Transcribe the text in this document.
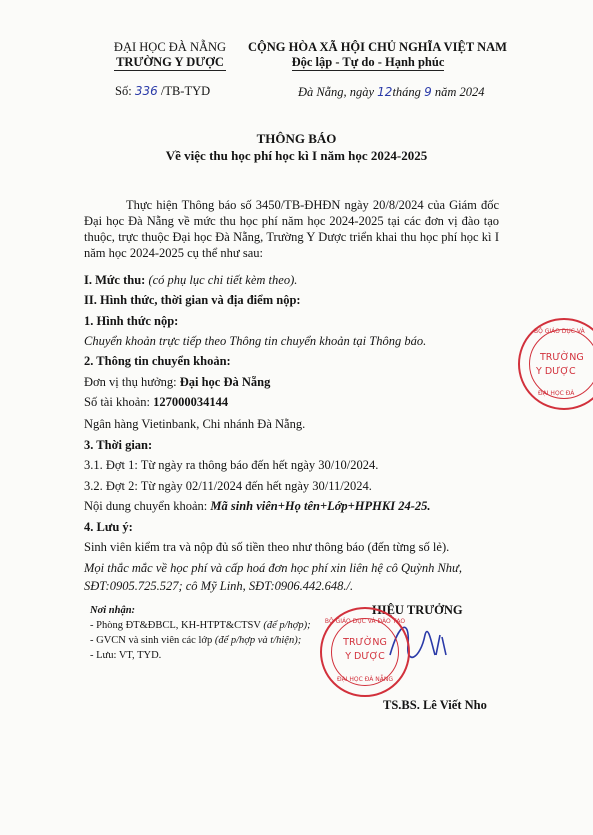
ĐẠI HỌC ĐÀ NẴNG
TRƯỜNG Y DƯỢC
CỘNG HÒA XÃ HỘI CHỦ NGHĨA VIỆT NAM
Độc lập - Tự do - Hạnh phúc
Số: 336 /TB-TYD	Đà Nẵng, ngày 12tháng 9 năm 2024
THÔNG BÁO
Về việc thu học phí học kì I năm học 2024-2025
Thực hiện Thông báo số 3450/TB-ĐHĐN ngày 20/8/2024 của Giám đốc Đại học Đà Nẵng về mức thu học phí năm học 2024-2025 tại các đơn vị đào tạo thuộc, trực thuộc Đại học Đà Nẵng, Trường Y Dược triển khai thu học phí học kì I năm học 2024-2025 cụ thể như sau:
I. Mức thu: (có phụ lục chi tiết kèm theo).
II. Hình thức, thời gian và địa điểm nộp:
1. Hình thức nộp:
Chuyển khoản trực tiếp theo Thông tin chuyển khoản tại Thông báo.
2. Thông tin chuyển khoản:
Đơn vị thụ hưởng: Đại học Đà Nẵng
Số tài khoản: 127000034144
Ngân hàng Vietinbank, Chi nhánh Đà Nẵng.
3. Thời gian:
3.1. Đợt 1: Từ ngày ra thông báo đến hết ngày 30/10/2024.
3.2. Đợt 2: Từ ngày 02/11/2024 đến hết ngày 30/11/2024.
Nội dung chuyển khoản: Mã sinh viên+Họ tên+Lớp+HPHKI 24-25.
4. Lưu ý:
Sinh viên kiểm tra và nộp đủ số tiền theo như thông báo (đến từng số lẻ).
Mọi thắc mắc về học phí và cấp hoá đơn học phí xin liên hệ cô Quỳnh Như,
SĐT:0905.725.527; cô Mỹ Linh, SĐT:0906.442.648./.
Nơi nhận:
- Phòng ĐT&ĐBCL, KH-HTPT&CTSV (để p/hợp);
- GVCN và sinh viên các lớp (để p/hợp và t/hiện);
- Lưu: VT, TYD.
HIỆU TRƯỞNG
BỘ GIÁO DỤC VÀ ĐÀO TẠO
TRƯỜNG
Y DƯỢC
ĐẠI HỌC ĐÀ NẴNG
TS.BS. Lê Viết Nho
BỘ GIÁO DỤC VÀ
TRƯỜNG
Y DƯỢC
ĐẠI HỌC ĐÀ
